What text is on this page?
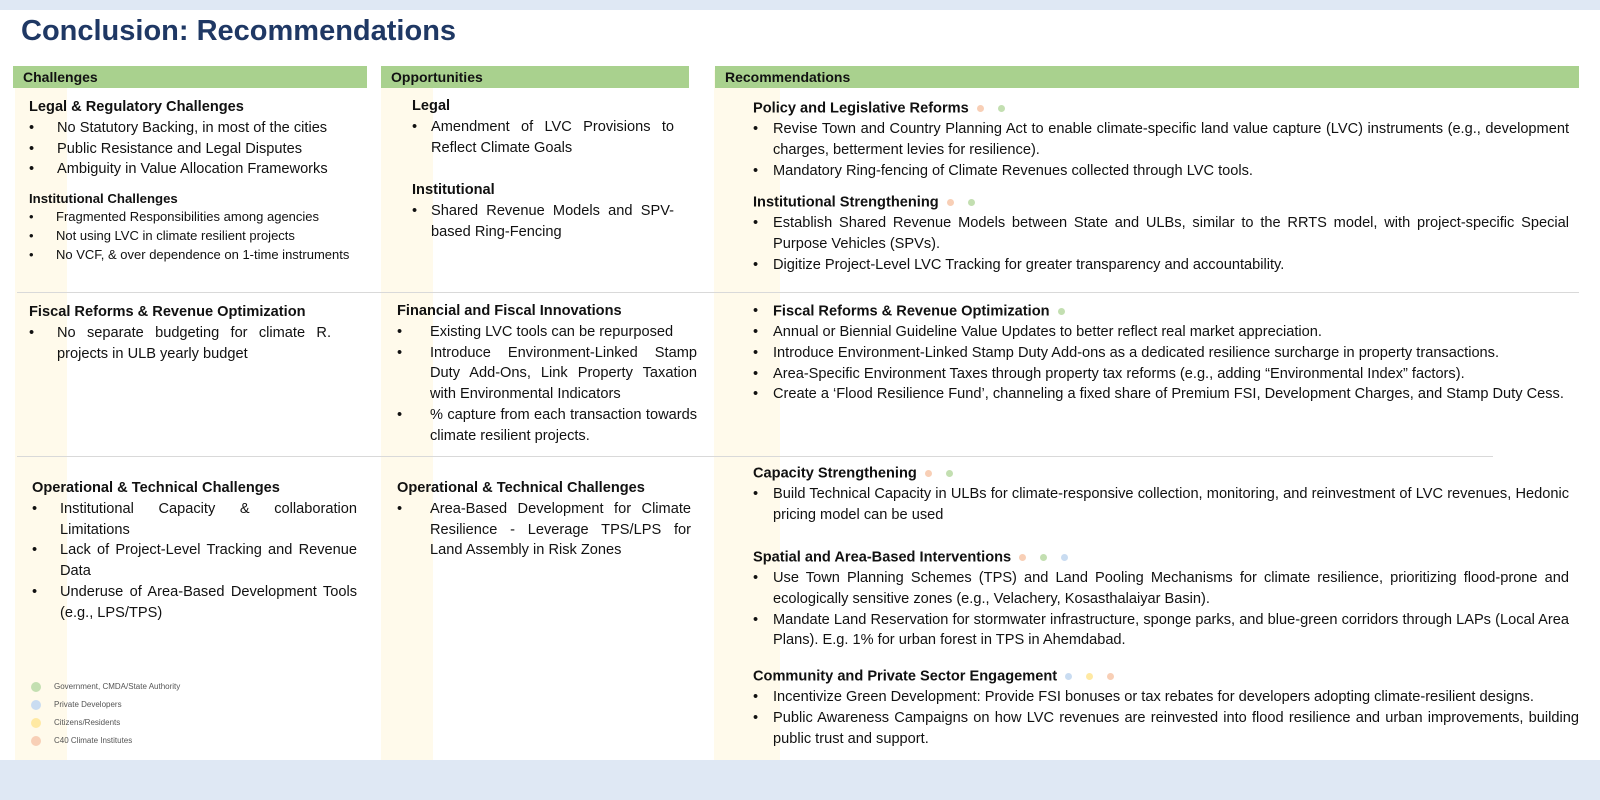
Conclusion: Recommendations
Challenges	Opportunities	Recommendations
Legal & Regulatory Challenges
• No Statutory Backing, in most of the cities
• Public Resistance and Legal Disputes
• Ambiguity in Value Allocation Frameworks
Institutional Challenges
• Fragmented Responsibilities among agencies
• Not using LVC in climate resilient projects
• No VCF, & over dependence on 1-time instruments
Fiscal Reforms & Revenue Optimization
• No separate budgeting for climate R. projects in ULB yearly budget
Operational & Technical Challenges
• Institutional Capacity & collaboration Limitations
• Lack of Project-Level Tracking and Revenue Data
• Underuse of Area-Based Development Tools (e.g., LPS/TPS)
Legal
• Amendment of LVC Provisions to Reflect Climate Goals
Institutional
• Shared Revenue Models and SPV-based Ring-Fencing
Financial and Fiscal Innovations
• Existing LVC tools can be repurposed
• Introduce Environment-Linked Stamp Duty Add-Ons, Link Property Taxation with Environmental Indicators
• % capture from each transaction towards climate resilient projects.
Operational & Technical Challenges
• Area-Based Development for Climate Resilience - Leverage TPS/LPS for Land Assembly in Risk Zones
Policy and Legislative Reforms
• Revise Town and Country Planning Act to enable climate-specific land value capture (LVC) instruments (e.g., development charges, betterment levies for resilience).
• Mandatory Ring-fencing of Climate Revenues collected through LVC tools.
Institutional Strengthening
• Establish Shared Revenue Models between State and ULBs, similar to the RRTS model, with project-specific Special Purpose Vehicles (SPVs).
• Digitize Project-Level LVC Tracking for greater transparency and accountability.
• Fiscal Reforms & Revenue Optimization
• Annual or Biennial Guideline Value Updates to better reflect real market appreciation.
• Introduce Environment-Linked Stamp Duty Add-ons as a dedicated resilience surcharge in property transactions.
• Area-Specific Environment Taxes through property tax reforms (e.g., adding “Environmental Index” factors).
• Create a ‘Flood Resilience Fund’, channeling a fixed share of Premium FSI, Development Charges, and Stamp Duty Cess.
Capacity Strengthening
• Build Technical Capacity in ULBs for climate-responsive collection, monitoring, and reinvestment of LVC revenues, Hedonic pricing model can be used
Spatial and Area-Based Interventions
• Use Town Planning Schemes (TPS) and Land Pooling Mechanisms for climate resilience, prioritizing flood-prone and ecologically sensitive zones (e.g., Velachery, Kosasthalaiyar Basin).
• Mandate Land Reservation for stormwater infrastructure, sponge parks, and blue-green corridors through LAPs (Local Area Plans). E.g. 1% for urban forest in TPS in Ahemdabad.
Community and Private Sector Engagement
• Incentivize Green Development: Provide FSI bonuses or tax rebates for developers adopting climate-resilient designs.
• Public Awareness Campaigns on how LVC revenues are reinvested into flood resilience and urban improvements, building public trust and support.
Government, CMDA/State Authority
Private Developers
Citizens/Residents
C40 Climate Institutes
